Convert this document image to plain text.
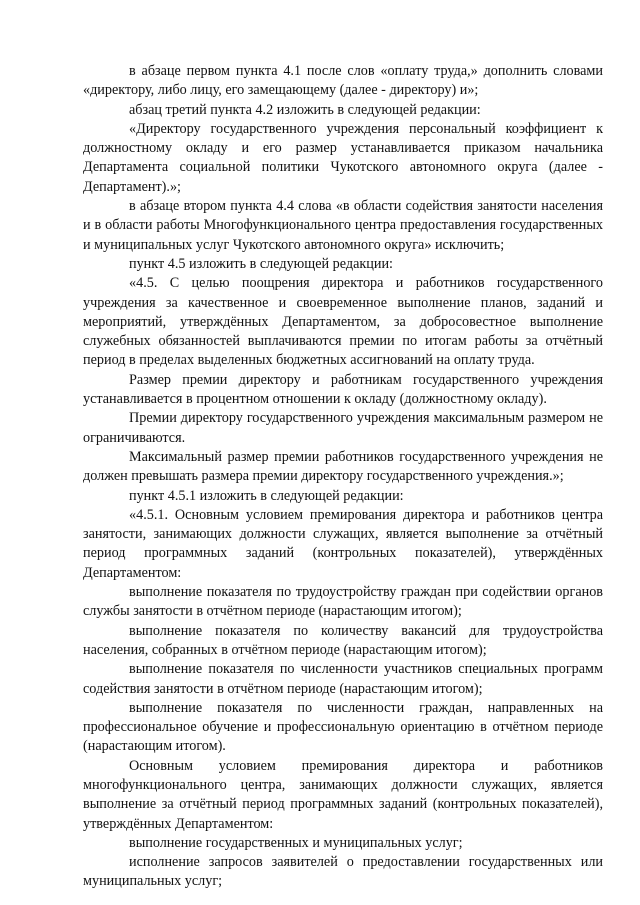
в абзаце первом пункта 4.1 после слов «оплату труда,» дополнить словами «директору, либо лицу, его замещающему (далее - директору) и»;

абзац третий пункта 4.2 изложить в следующей редакции:

«Директору государственного учреждения персональный коэффициент к должностному окладу и его размер устанавливается приказом начальника Департамента социальной политики Чукотского автономного округа (далее - Департамент).»;

в абзаце втором пункта 4.4 слова «в области содействия занятости населения и в области работы Многофункционального центра предоставления государственных и муниципальных услуг Чукотского автономного округа» исключить;

пункт 4.5 изложить в следующей редакции:

«4.5. С целью поощрения директора и работников государственного учреждения за качественное и своевременное выполнение планов, заданий и мероприятий, утверждённых Департаментом, за добросовестное выполнение служебных обязанностей выплачиваются премии по итогам работы за отчётный период в пределах выделенных бюджетных ассигнований на оплату труда.

Размер премии директору и работникам государственного учреждения устанавливается в процентном отношении к окладу (должностному окладу).

Премии директору государственного учреждения максимальным размером не ограничиваются.

Максимальный размер премии работников государственного учреждения не должен превышать размера премии директору государственного учреждения.»;

пункт 4.5.1 изложить в следующей редакции:

«4.5.1. Основным условием премирования директора и работников центра занятости, занимающих должности служащих, является выполнение за отчётный период программных заданий (контрольных показателей), утверждённых Департаментом:

выполнение показателя по трудоустройству граждан при содействии органов службы занятости в отчётном периоде (нарастающим итогом);

выполнение показателя по количеству вакансий для трудоустройства населения, собранных в отчётном периоде (нарастающим итогом);

выполнение показателя по численности участников специальных программ содействия занятости в отчётном периоде (нарастающим итогом);

выполнение показателя по численности граждан, направленных на профессиональное обучение и профессиональную ориентацию в отчётном периоде (нарастающим итогом).

Основным условием премирования директора и работников многофункционального центра, занимающих должности служащих, является выполнение за отчётный период программных заданий (контрольных показателей), утверждённых Департаментом:

выполнение государственных и муниципальных услуг;

исполнение запросов заявителей о предоставлении государственных или муниципальных услуг;
